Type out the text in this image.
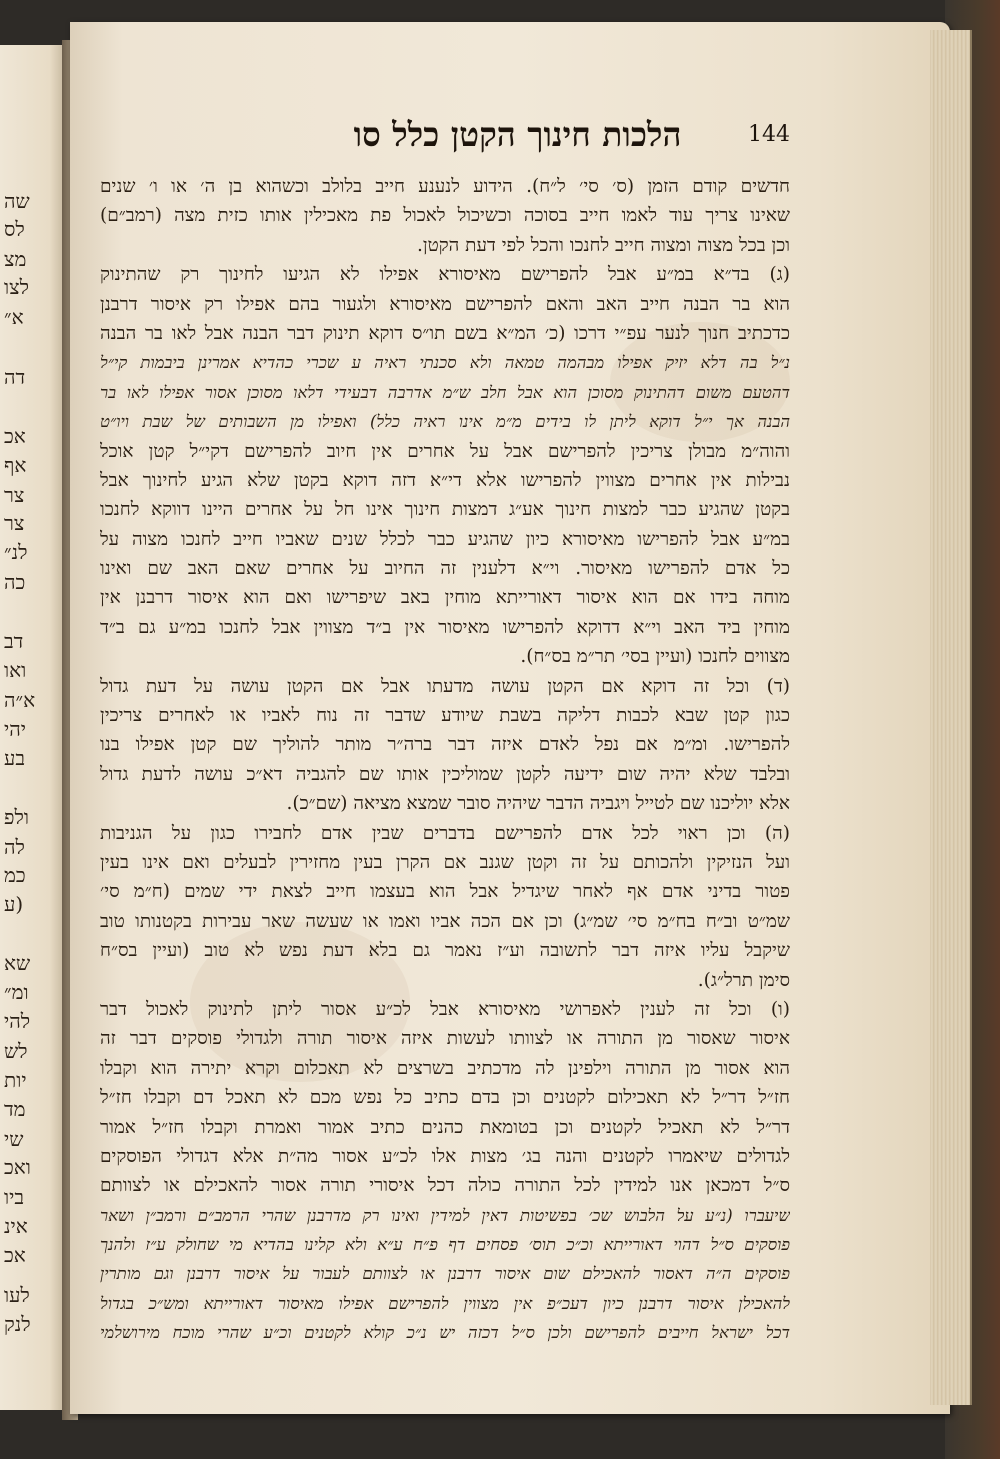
שה
לס
מצ
לצו
א״
דה
אכ
אף
צר
צר
לנ״
כה
דב
ואו
א״ה
יהי
בע
ולפ
לה
כמ
(ע
שא
ומ״
להי
לש
יות
מד
שי
ואכ
ביו
אינ
אכ
לעו
לנק
הלכות חינוך הקטן כלל סו	144
חדשים קודם הזמן (ס׳ סי׳ ל״ח). הידוע לנענע חייב בלולב וכשהוא בן ה׳ או ו׳ שנים
שאינו צריך עוד לאמו חייב בסוכה וכשיכול לאכול פת מאכילין אותו כזית מצה (רמב״ם)
וכן בכל מצוה ומצוה חייב לחנכו והכל לפי דעת הקטן.
(ג) בד״א במ״ע אבל להפרישם מאיסורא אפילו לא הגיעו לחינוך רק שהתינוק
הוא בר הבנה חייב האב והאם להפרישם מאיסורא ולגעור בהם אפילו רק איסור דרבנן
כדכתיב חנוך לנער עפ״י דרכו (כ׳ המ״א בשם תו״ס דוקא תינוק דבר הבנה אבל לאו בר הבנה
נ״ל בה דלא יזיק אפילו מבהמה טמאה ולא סכנתי ראיה ע שכרי כהדיא אמרינן ביבמות קי״ל
דהטעם משום דהתינוק מסוכן הוא אבל חלב ש״מ אדרבה דבעידי דלאו מסוכן אסור אפילו לאו בר
הבנה אך י״ל דוקא ליתן לו בידים מ״מ אינו ראיה כלל) ואפילו מן השבותים של שבת ויו״ט
והוה״מ מבולן צריכין להפרישם אבל על אחרים אין חיוב להפרישם דקי״ל קטן אוכל
נבילות אין אחרים מצווין להפרישו אלא די״א דזה דוקא בקטן שלא הגיע לחינוך אבל
בקטן שהגיע כבר למצות חינוך אע״ג דמצות חינוך אינו חל על אחרים היינו דווקא לחנכו
במ״ע אבל להפרישו מאיסורא כיון שהגיע כבר לכלל שנים שאביו חייב לחנכו מצוה על
כל אדם להפרישו מאיסור. וי״א דלענין זה החיוב על אחרים שאם האב שם ואינו
מוחה בידו אם הוא איסור דאורייתא מוחין באב שיפרישו ואם הוא איסור דרבנן אין
מוחין ביד האב וי״א דדוקא להפרישו מאיסור אין ב״ד מצווין אבל לחנכו במ״ע גם ב״ד
מצווים לחנכו (ועיין בסי׳ תר״מ בס״ח).
(ד) וכל זה דוקא אם הקטן עושה מדעתו אבל אם הקטן עושה על דעת גדול
כגון קטן שבא לכבות דליקה בשבת שיודע שדבר זה נוח לאביו או לאחרים צריכין
להפרישו. ומ״מ אם נפל לאדם איזה דבר ברה״ר מותר להוליך שם קטן אפילו בנו
ובלבד שלא יהיה שום ידיעה לקטן שמוליכין אותו שם להגביה דא״כ עושה לדעת גדול
אלא יוליכנו שם לטייל ויגביה הדבר שיהיה סובר שמצא מציאה (שם״כ).
(ה) וכן ראוי לכל אדם להפרישם בדברים שבין אדם לחבירו כגון על הגניבות
ועל הנזיקין ולהכותם על זה וקטן שגנב אם הקרן בעין מחזירין לבעלים ואם אינו בעין
פטור בדיני אדם אף לאחר שיגדיל אבל הוא בעצמו חייב לצאת ידי שמים (ח״מ סי׳
שמ״ט וב״ח בח״מ סי׳ שמ״ג) וכן אם הכה אביו ואמו או שעשה שאר עבירות בקטנותו טוב
שיקבל עליו איזה דבר לתשובה וע״ז נאמר גם בלא דעת נפש לא טוב (ועיין בס״ח
סימן תרל״ג).
(ו) וכל זה לענין לאפרושי מאיסורא אבל לכ״ע אסור ליתן לתינוק לאכול דבר
איסור שאסור מן התורה או לצוותו לעשות איזה איסור תורה ולגדולי פוסקים דבר זה
הוא אסור מן התורה וילפינן לה מדכתיב בשרצים לא תאכלום וקרא יתירה הוא וקבלו
חז״ל דר״ל לא תאכילום לקטנים וכן בדם כתיב כל נפש מכם לא תאכל דם וקבלו חז״ל
דר״ל לא תאכיל לקטנים וכן בטומאת כהנים כתיב אמור ואמרת וקבלו חז״ל אמור
לגדולים שיאמרו לקטנים והנה בג׳ מצות אלו לכ״ע אסור מה״ת אלא דגדולי הפוסקים
ס״ל דמכאן אנו למידין לכל התורה כולה דכל איסורי תורה אסור להאכילם או לצוותם
שיעברו (נ״ע על הלבוש שכ׳ בפשיטות דאין למידין ואינו רק מדרבנן שהרי הרמב״ם ורמב״ן ושאר
פוסקים ס״ל דהוי דאורייתא וכ״כ תוס׳ פסחים דף פ״ח ע״א ולא קלינו בהדיא מי שחולק ע״ז ולהנך
פוסקים ה״ה דאסור להאכילם שום איסור דרבנן או לצוותם לעבור על איסור דרבנן וגם מותרין
להאכילן איסור דרבנן כיון דעכ״פ אין מצווין להפרישם אפילו מאיסור דאורייתא ומש״כ בגדול
דכל ישראל חייבים להפרישם ולכן ס״ל דכזה יש נ״כ קולא לקטנים וכ״ע שהרי מוכח מירושלמי
